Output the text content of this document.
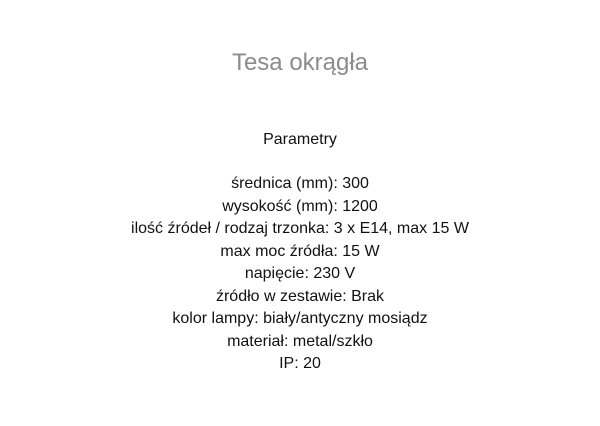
Tesa okrągła
Parametry
średnica (mm): 300
wysokość (mm): 1200
ilość źródeł / rodzaj trzonka: 3 x E14, max 15 W
max moc źródła: 15 W
napięcie: 230 V
źródło w zestawie: Brak
kolor lampy: biały/antyczny mosiądz
materiał: metal/szkło
IP: 20
